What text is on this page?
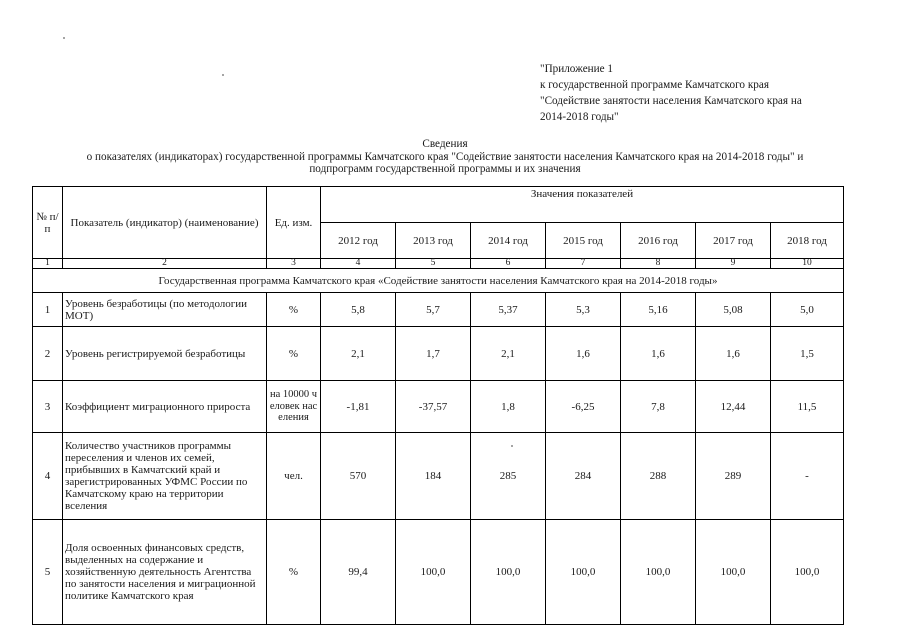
"Приложение 1
к государственной программе Камчатского края
"Содействие занятости населения Камчатского края на
2014-2018 годы"
Сведения
о показателях (индикаторах) государственной программы Камчатского края "Содействие занятости населения Камчатского края на 2014-2018 годы" и
подпрограмм государственной программы и их значения
№ п/п	Показатель (индикатор) (наименование)	Ед. изм.	Значения показателей						
			2012 год	2013 год	2014 год	2015 год	2016 год	2017 год	2018 год
1	2	3	4	5	6	7	8	9	10
Государственная программа Камчатского края «Содействие занятости населения Камчатского края на 2014-2018 годы»									
1	Уровень безработицы (по методологии МОТ)	%	5,8	5,7	5,37	5,3	5,16	5,08	5,0
2	Уровень регистрируемой безработицы	%	2,1	1,7	2,1	1,6	1,6	1,6	1,5
3	Коэффициент миграционного прироста	на 10000 человек населения	-1,81	-37,57	1,8	-6,25	7,8	12,44	11,5
4	Количество участников программы переселения и членов их семей, прибывших в Камчатский край и зарегистрированных УФМС России по Камчатскому краю на территории вселения	чел.	570	184	285	284	288	289	-
5	Доля освоенных финансовых средств, выделенных на содержание и хозяйственную деятельность Агентства по занятости населения и миграционной политике Камчатского края	%	99,4	100,0	100,0	100,0	100,0	100,0	100,0
